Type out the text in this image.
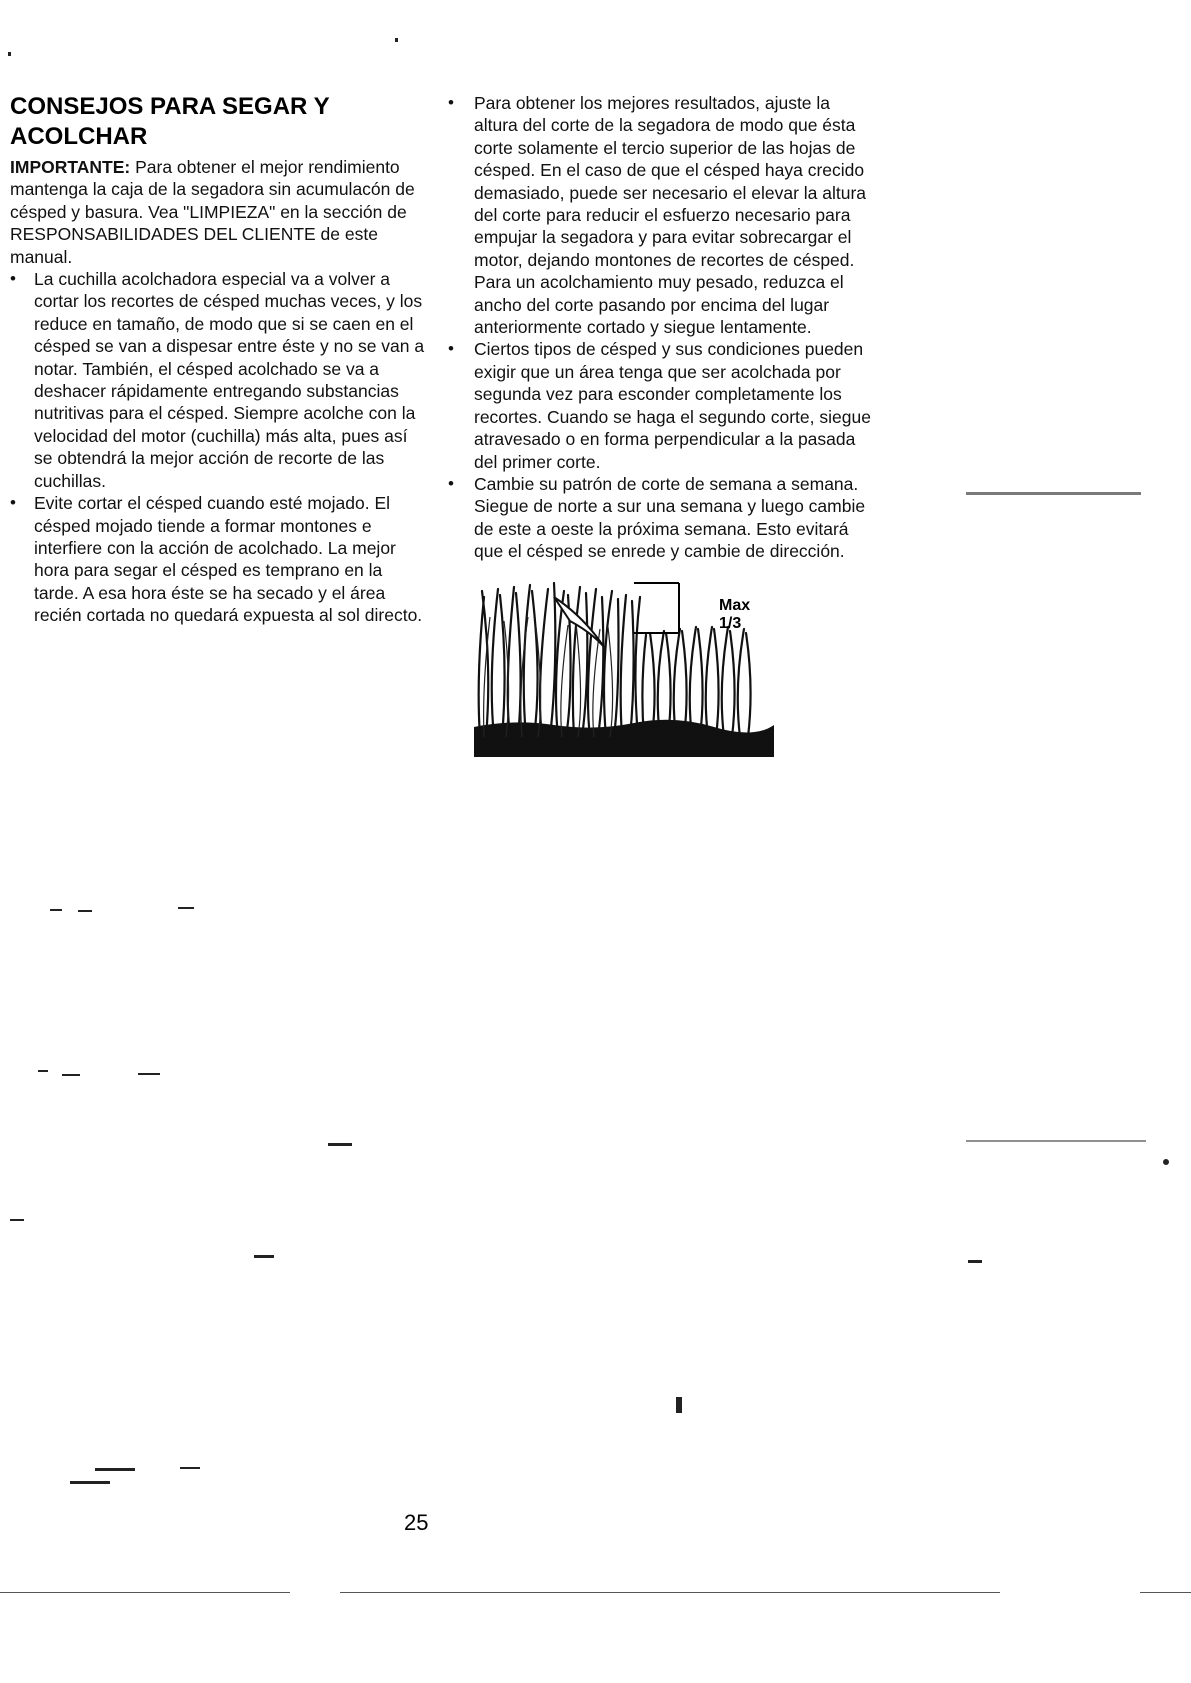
CONSEJOS PARA SEGAR Y ACOLCHAR

IMPORTANTE: Para obtener el mejor rendimiento mantenga la caja de la segadora sin acumulacón de césped y basura. Vea "LIMPIEZA" en la sección de RESPONSABILIDADES DEL CLIENTE de este manual.

•	La cuchilla acolchadora especial va a volver a cortar los recortes de césped muchas veces, y los reduce en tamaño, de modo que si se caen en el césped se van a dispesar entre éste y no se van a notar. También, el césped acolchado se va a deshacer rápidamente entregando substancias nutritivas para el césped. Siempre acolche con la velocidad del motor (cuchilla) más alta, pues así se obtendrá la mejor acción de recorte de las cuchillas.
•	Evite cortar el césped cuando esté mojado. El césped mojado tiende a formar montones e interfiere con la acción de acolchado. La mejor hora para segar el césped es temprano en la tarde. A esa hora éste se ha secado y el área recién cortada no quedará expuesta al sol directo.
•	Para obtener los mejores resultados, ajuste la altura del corte de la segadora de modo que ésta corte solamente el tercio superior de las hojas de césped. En el caso de que el césped haya crecido demasiado, puede ser necesario el elevar la altura del corte para reducir el esfuerzo necesario para empujar la segadora y para evitar sobrecargar el motor, dejando montones de recortes de césped. Para un acolchamiento muy pesado, reduzca el ancho del corte pasando por encima del lugar anteriormente cortado y siegue lentamente.
•	Ciertos tipos de césped y sus condiciones pueden exigir que un área tenga que ser acolchada por segunda vez para esconder completamente los recortes. Cuando se haga el segundo corte, siegue atravesado o en forma perpendicular a la pasada del primer corte.
•	Cambie su patrón de corte de semana a semana. Siegue de norte a sur una semana y luego cambie de este a oeste la próxima semana. Esto evitará que el césped se enrede y cambie de dirección.
Max 1/3
25
